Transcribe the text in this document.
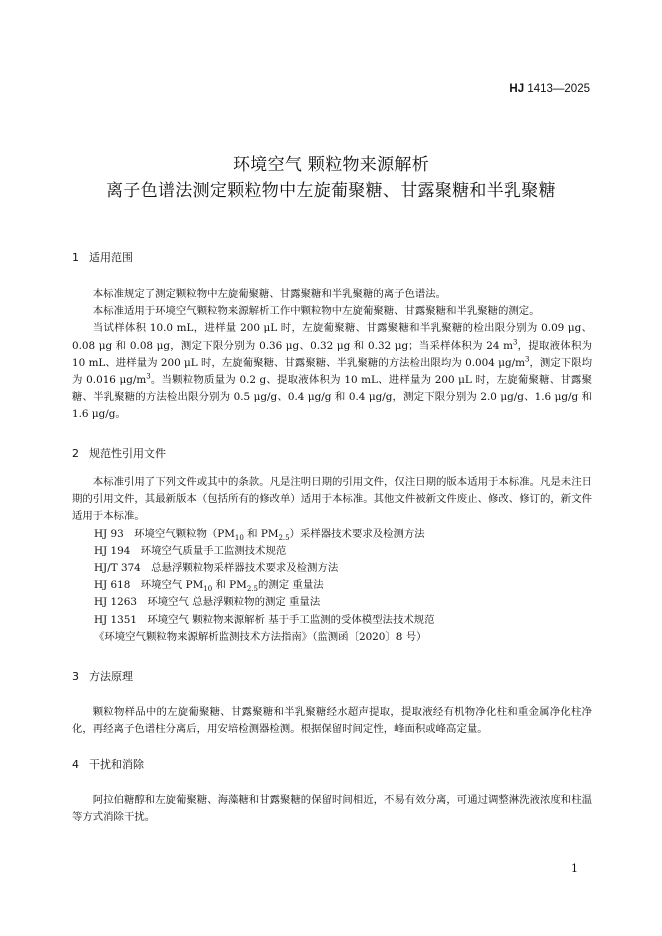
HJ 1413—2025
环境空气 颗粒物来源解析
离子色谱法测定颗粒物中左旋葡聚糖、甘露聚糖和半乳聚糖
1 适用范围

本标准规定了测定颗粒物中左旋葡聚糖、甘露聚糖和半乳聚糖的离子色谱法。

本标准适用于环境空气颗粒物来源解析工作中颗粒物中左旋葡聚糖、甘露聚糖和半乳聚糖的测定。

当试样体积 10.0 mL，进样量 200 μL 时，左旋葡聚糖、甘露聚糖和半乳聚糖的检出限分别为 0.09 μg、0.08 μg 和 0.08 μg，测定下限分别为 0.36 μg、0.32 μg 和 0.32 μg；当采样体积为 24 $m^3$，提取液体积为 10 mL、进样量为 200 μL 时，左旋葡聚糖、甘露聚糖、半乳聚糖的方法检出限均为 0.004 $\mu g/m^3$，测定下限均为 0.016 $\mu g/m^3$。当颗粒物质量为 0.2 g、提取液体积为 10 mL、进样量为 200 μL 时，左旋葡聚糖、甘露聚糖、半乳聚糖的方法检出限分别为 0.5 μg/g、0.4 μg/g 和 0.4 μg/g，测定下限分别为 2.0 μg/g、1.6 μg/g 和 1.6 μg/g。

2 规范性引用文件

本标准引用了下列文件或其中的条款。凡是注明日期的引用文件，仅注日期的版本适用于本标准。凡是未注日期的引用文件，其最新版本（包括所有的修改单）适用于本标准。其他文件被新文件废止、修改、修订的，新文件适用于本标准。

HJ 93　环境空气颗粒物（$PM_{10}$ 和 $PM_{2.5}$）采样器技术要求及检测方法

HJ 194　环境空气质量手工监测技术规范

HJ/T 374　总悬浮颗粒物采样器技术要求及检测方法

HJ 618　环境空气 $PM_{10}$ 和 $PM_{2.5}$的测定 重量法

HJ 1263　环境空气 总悬浮颗粒物的测定 重量法

HJ 1351　环境空气 颗粒物来源解析 基于手工监测的受体模型法技术规范

《环境空气颗粒物来源解析监测技术方法指南》（监测函〔2020〕8 号）

3 方法原理

颗粒物样品中的左旋葡聚糖、甘露聚糖和半乳聚糖经水超声提取，提取液经有机物净化柱和重金属净化柱净化，再经离子色谱柱分离后，用安培检测器检测。根据保留时间定性，峰面积或峰高定量。

4 干扰和消除

阿拉伯糖醇和左旋葡聚糖、海藻糖和甘露聚糖的保留时间相近，不易有效分离，可通过调整淋洗液浓度和柱温等方式消除干扰。

1
